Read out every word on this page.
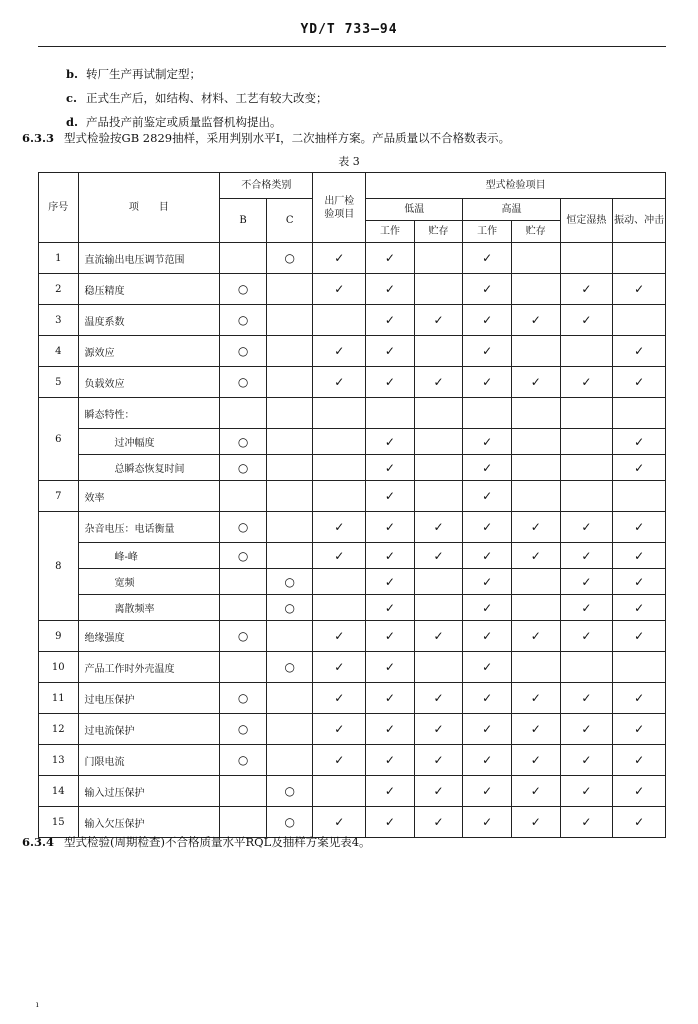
YD/T 733—94
b. 转厂生产再试制定型；
c. 正式生产后，如结构、材料、工艺有较大改变；
d. 产品投产前鉴定或质量监督机构提出。
6.3.3 型式检验按GB 2829抽样，采用判别水平Ⅰ，二次抽样方案。产品质量以不合格数表示。
表 3
序号	项　　目	不合格类别		出厂检
验项目	型式检验项目					
		B	C		低温		高温		恒定湿热	振动、冲击
					工作	贮存	工作	贮存		
1	直流输出电压调节范围		○	✓	✓		✓			
2	稳压精度	○		✓	✓		✓		✓	✓
3	温度系数	○			✓	✓	✓	✓	✓	
4	源效应	○		✓	✓		✓			✓
5	负载效应	○		✓	✓	✓	✓	✓	✓	✓
6	瞬态特性：									
	过冲幅度	○			✓		✓			✓
	总瞬态恢复时间	○			✓		✓			✓
7	效率				✓		✓			
8	杂音电压：电话衡量	○		✓	✓	✓	✓	✓	✓	✓
	峰-峰	○		✓	✓	✓	✓	✓	✓	✓
	宽频		○		✓		✓		✓	✓
	离散频率		○		✓		✓		✓	✓
9	绝缘强度	○		✓	✓	✓	✓	✓	✓	✓
10	产品工作时外壳温度		○	✓	✓		✓			
11	过电压保护	○		✓	✓	✓	✓	✓	✓	✓
12	过电流保护	○		✓	✓	✓	✓	✓	✓	✓
13	门限电流	○		✓	✓	✓	✓	✓	✓	✓
14	输入过压保护		○		✓	✓	✓	✓	✓	✓
15	输入欠压保护		○	✓	✓	✓	✓	✓	✓	✓
6.3.4 型式检验(周期检查)不合格质量水平RQL及抽样方案见表4。
ı
